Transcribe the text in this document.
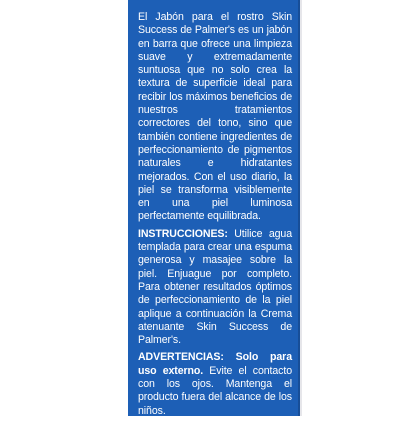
El Jabón para el rostro Skin Success de Palmer's es un jabón en barra que ofrece una limpieza suave y extremadamente suntuosa que no solo crea la textura de superficie ideal para recibir los máximos beneficios de nuestros tratamientos correctores del tono, sino que también contiene ingredientes de perfeccionamiento de pigmentos naturales e hidratantes mejorados. Con el uso diario, la piel se transforma visiblemente en una piel luminosa perfectamente equilibrada.

INSTRUCCIONES: Utilice agua templada para crear una espuma generosa y masajee sobre la piel. Enjuague por completo. Para obtener resultados óptimos de perfeccionamiento de la piel aplique a continuación la Crema atenuante Skin Success de Palmer's.

ADVERTENCIAS: Solo para uso externo. Evite el contacto con los ojos. Mantenga el producto fuera del alcance de los niños.
